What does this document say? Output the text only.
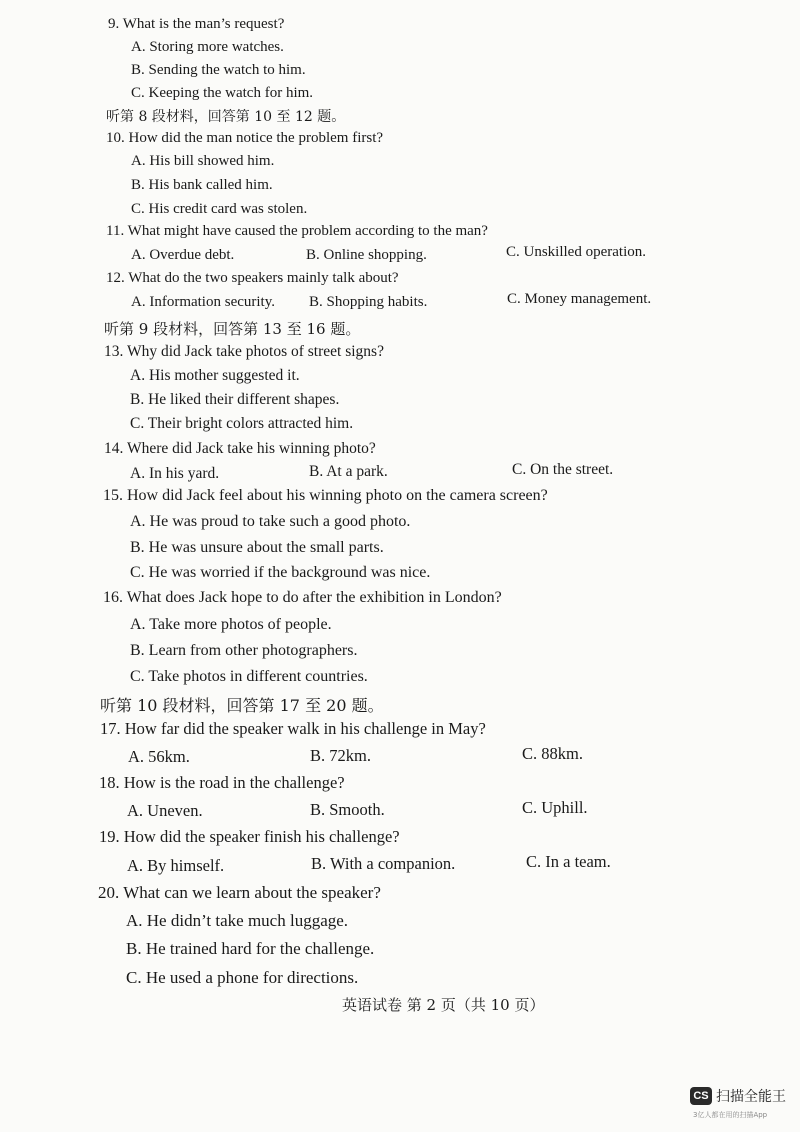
9. What is the man’s request?
A. Storing more watches.
B. Sending the watch to him.
C. Keeping the watch for him.
听第 8 段材料，回答第 10 至 12 题。
10. How did the man notice the problem first?
A. His bill showed him.
B. His bank called him.
C. His credit card was stolen.
11. What might have caused the problem according to the man?
A. Overdue debt.	B. Online shopping.	C. Unskilled operation.
12. What do the two speakers mainly talk about?
A. Information security. B. Shopping habits.	C. Money management.
听第 9 段材料，回答第 13 至 16 题。
13. Why did Jack take photos of street signs?
A. His mother suggested it.
B. He liked their different shapes.
C. Their bright colors attracted him.
14. Where did Jack take his winning photo?
A. In his yard.	B. At a park.	C. On the street.
15. How did Jack feel about his winning photo on the camera screen?
A. He was proud to take such a good photo.
B. He was unsure about the small parts.
C. He was worried if the background was nice.
16. What does Jack hope to do after the exhibition in London?
A. Take more photos of people.
B. Learn from other photographers.
C. Take photos in different countries.
听第 10 段材料，回答第 17 至 20 题。
17. How far did the speaker walk in his challenge in May?
A. 56km.	B. 72km.	C. 88km.
18. How is the road in the challenge?
A. Uneven.	B. Smooth.	C. Uphill.
19. How did the speaker finish his challenge?
A. By himself.	B. With a companion.	C. In a team.
20. What can we learn about the speaker?
A. He didn’t take much luggage.
B. He trained hard for the challenge.
C. He used a phone for directions.
英语试卷 第 2 页（共 10 页）
CS 扫描全能王
3亿人都在用的扫描App
